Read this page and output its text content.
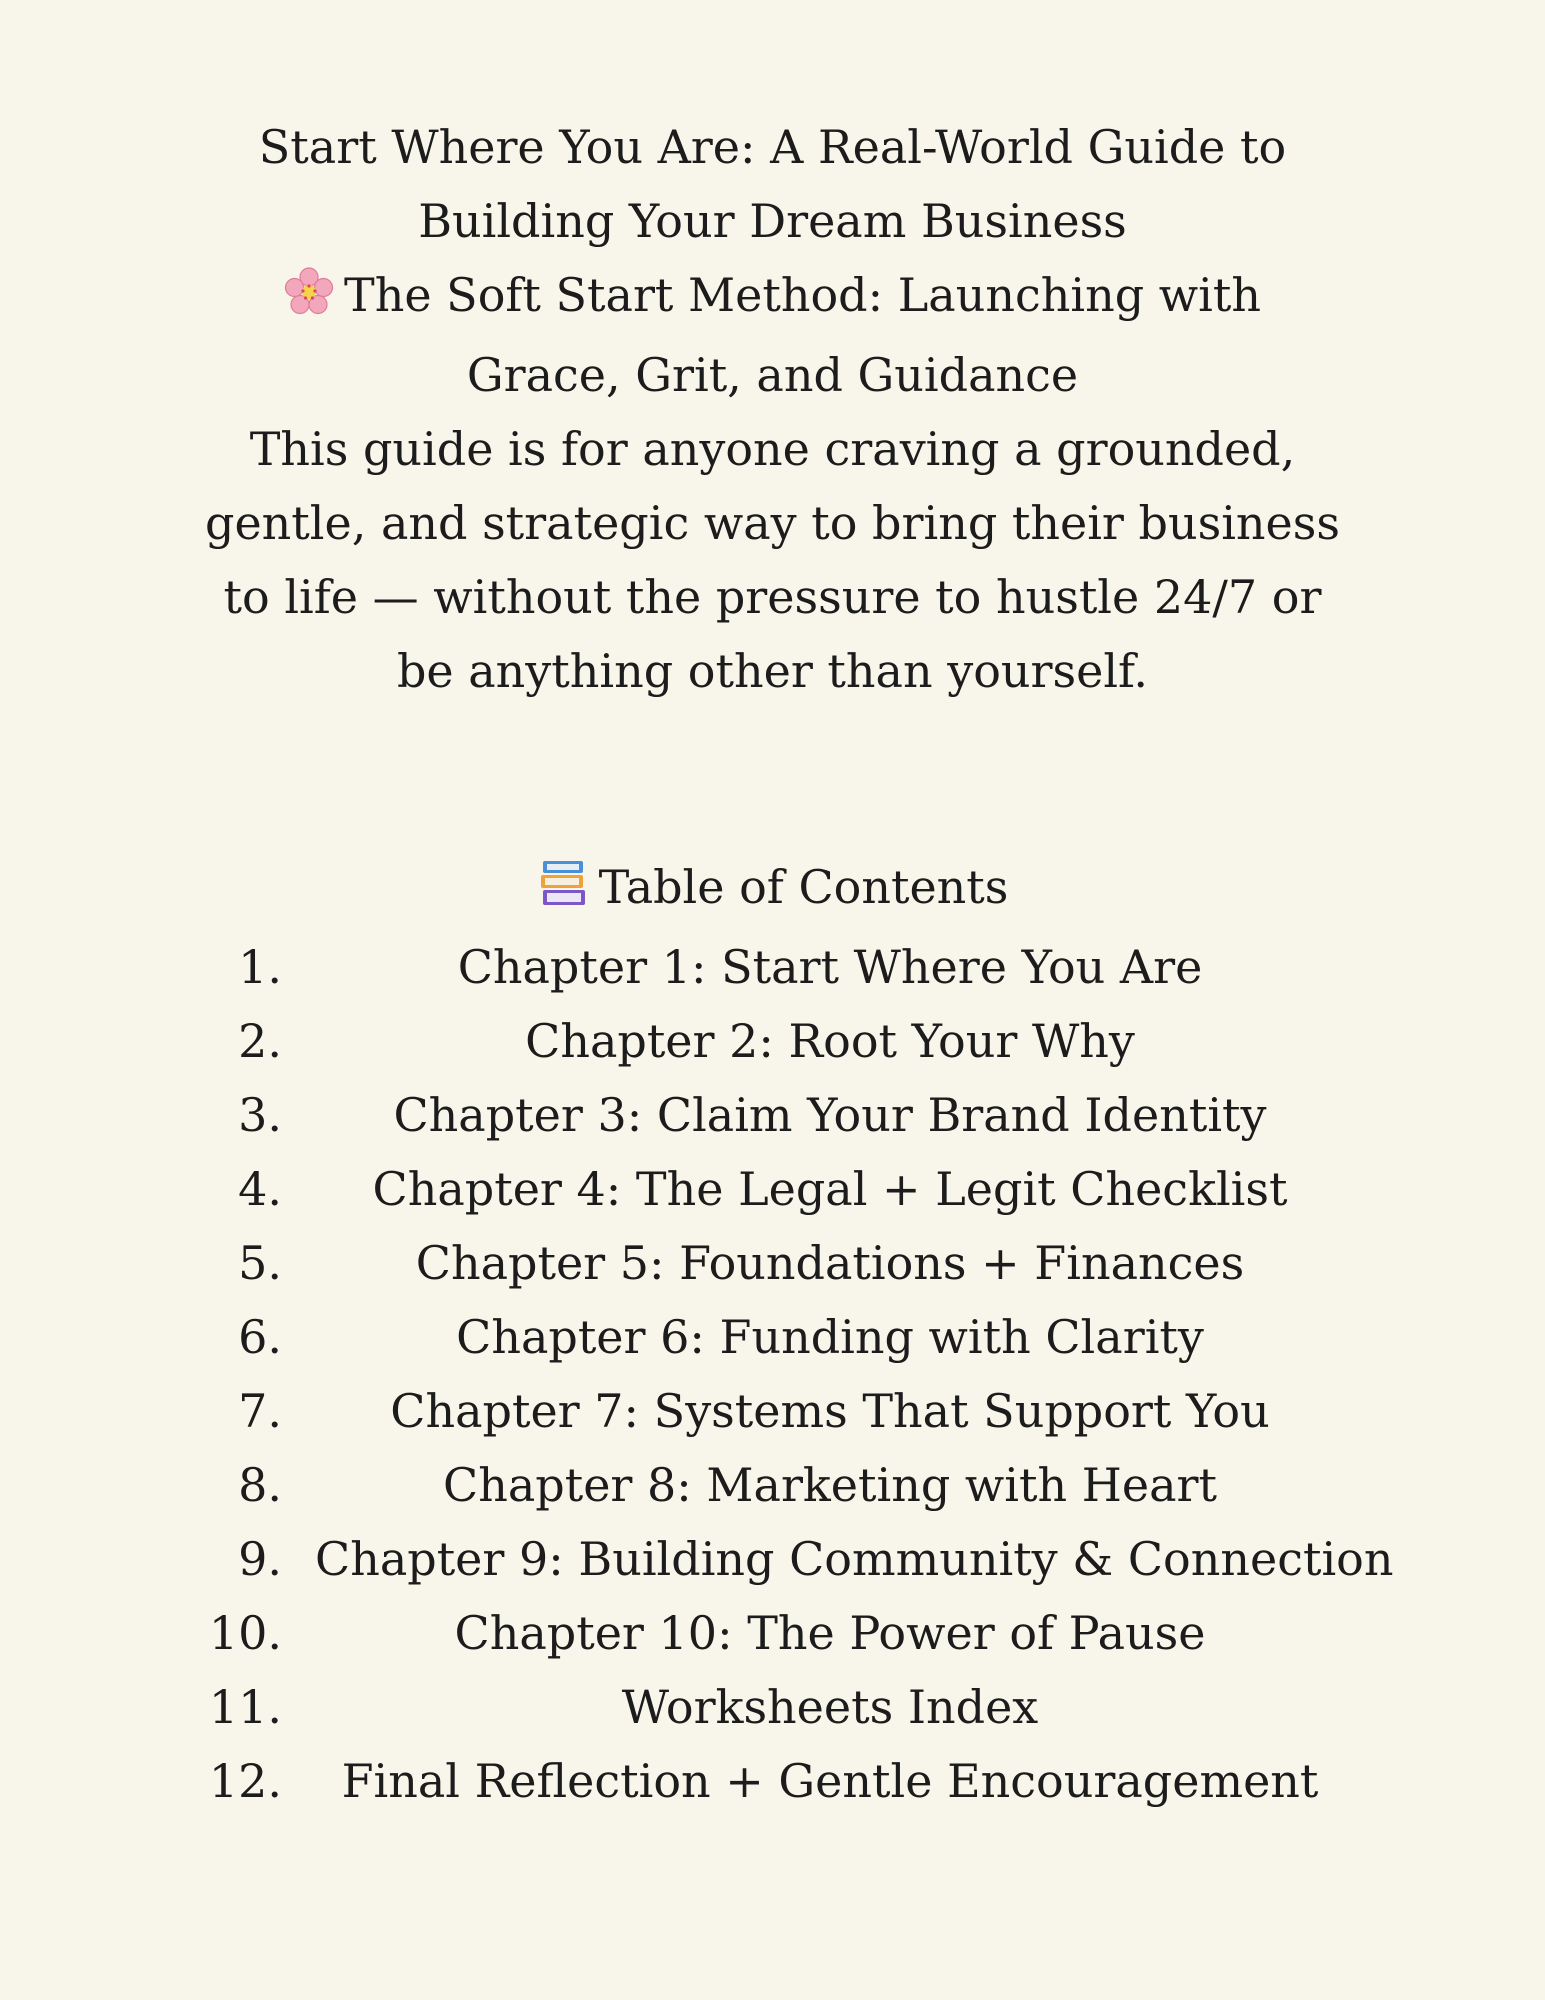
Start Where You Are: A Real-World Guide to Building Your Dream Business

The Soft Start Method: Launching with Grace, Grit, and Guidance

This guide is for anyone craving a grounded, gentle, and strategic way to bring their business to life — without the pressure to hustle 24/7 or be anything other than yourself.

Table of Contents
1.	Chapter 1: Start Where You Are
2.	Chapter 2: Root Your Why
3.	Chapter 3: Claim Your Brand Identity
4.	Chapter 4: The Legal + Legit Checklist
5.	Chapter 5: Foundations + Finances
6.	Chapter 6: Funding with Clarity
7.	Chapter 7: Systems That Support You
8.	Chapter 8: Marketing with Heart
9. Chapter 9: Building Community & Connection
10.	Chapter 10: The Power of Pause
11.	Worksheets Index
12.	Final Reflection + Gentle Encouragement
